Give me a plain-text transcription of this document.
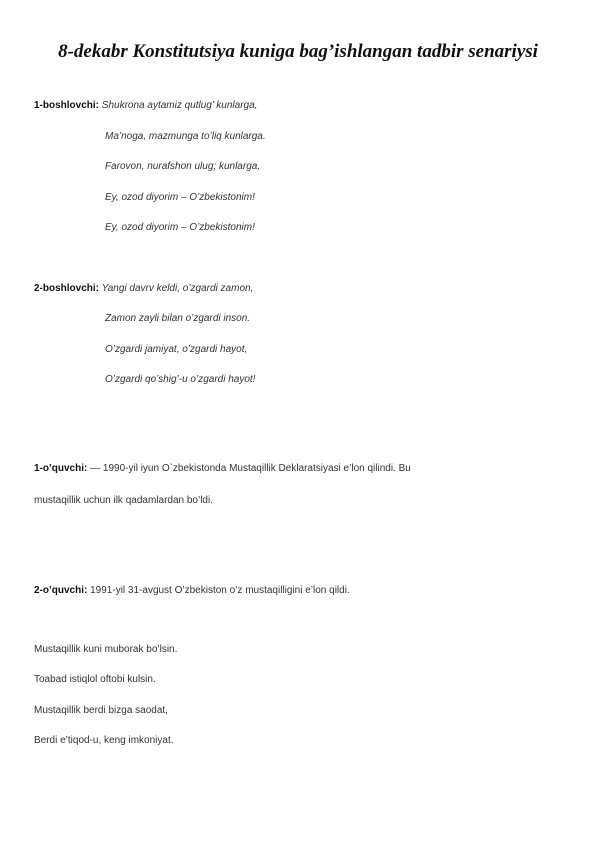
8-dekabr Konstitutsiya kuniga bag’ishlangan tadbir senariysi
1-boshlovchi: Shukrona aytamiz qutlug’ kunlarga,
Ma’noga, mazmunga to’liq kunlarga.
Farovon, nurafshon ulug; kunlarga,
Ey, ozod diyorim – O’zbekistonim!
Ey, ozod diyorim – O’zbekistonim!
2-boshlovchi: Yangi davrv keldi, o’zgardi zamon,
Zamon zayli bilan o’zgardi inson.
O’zgardi jamiyat, o’zgardi hayot,
O’zgardi qo’shig’-u o’zgardi hayot!
1-o’quvchi: — 1990-yil iyun O`zbekistonda Mustaqillik Deklaratsiyasi e’lon qilindi. Bu
mustaqillik uchun ilk qadamlardan bo’ldi.
2-o’quvchi: 1991-yil 31-avgust O’zbekiston o’z mustaqilligini e’lon qildi.
Mustaqillik kuni muborak bo’lsin.
Toabad istiqlol oftobi kulsin.
Mustaqillik berdi bizga saodat,
Berdi e’tiqod-u, keng imkoniyat.
